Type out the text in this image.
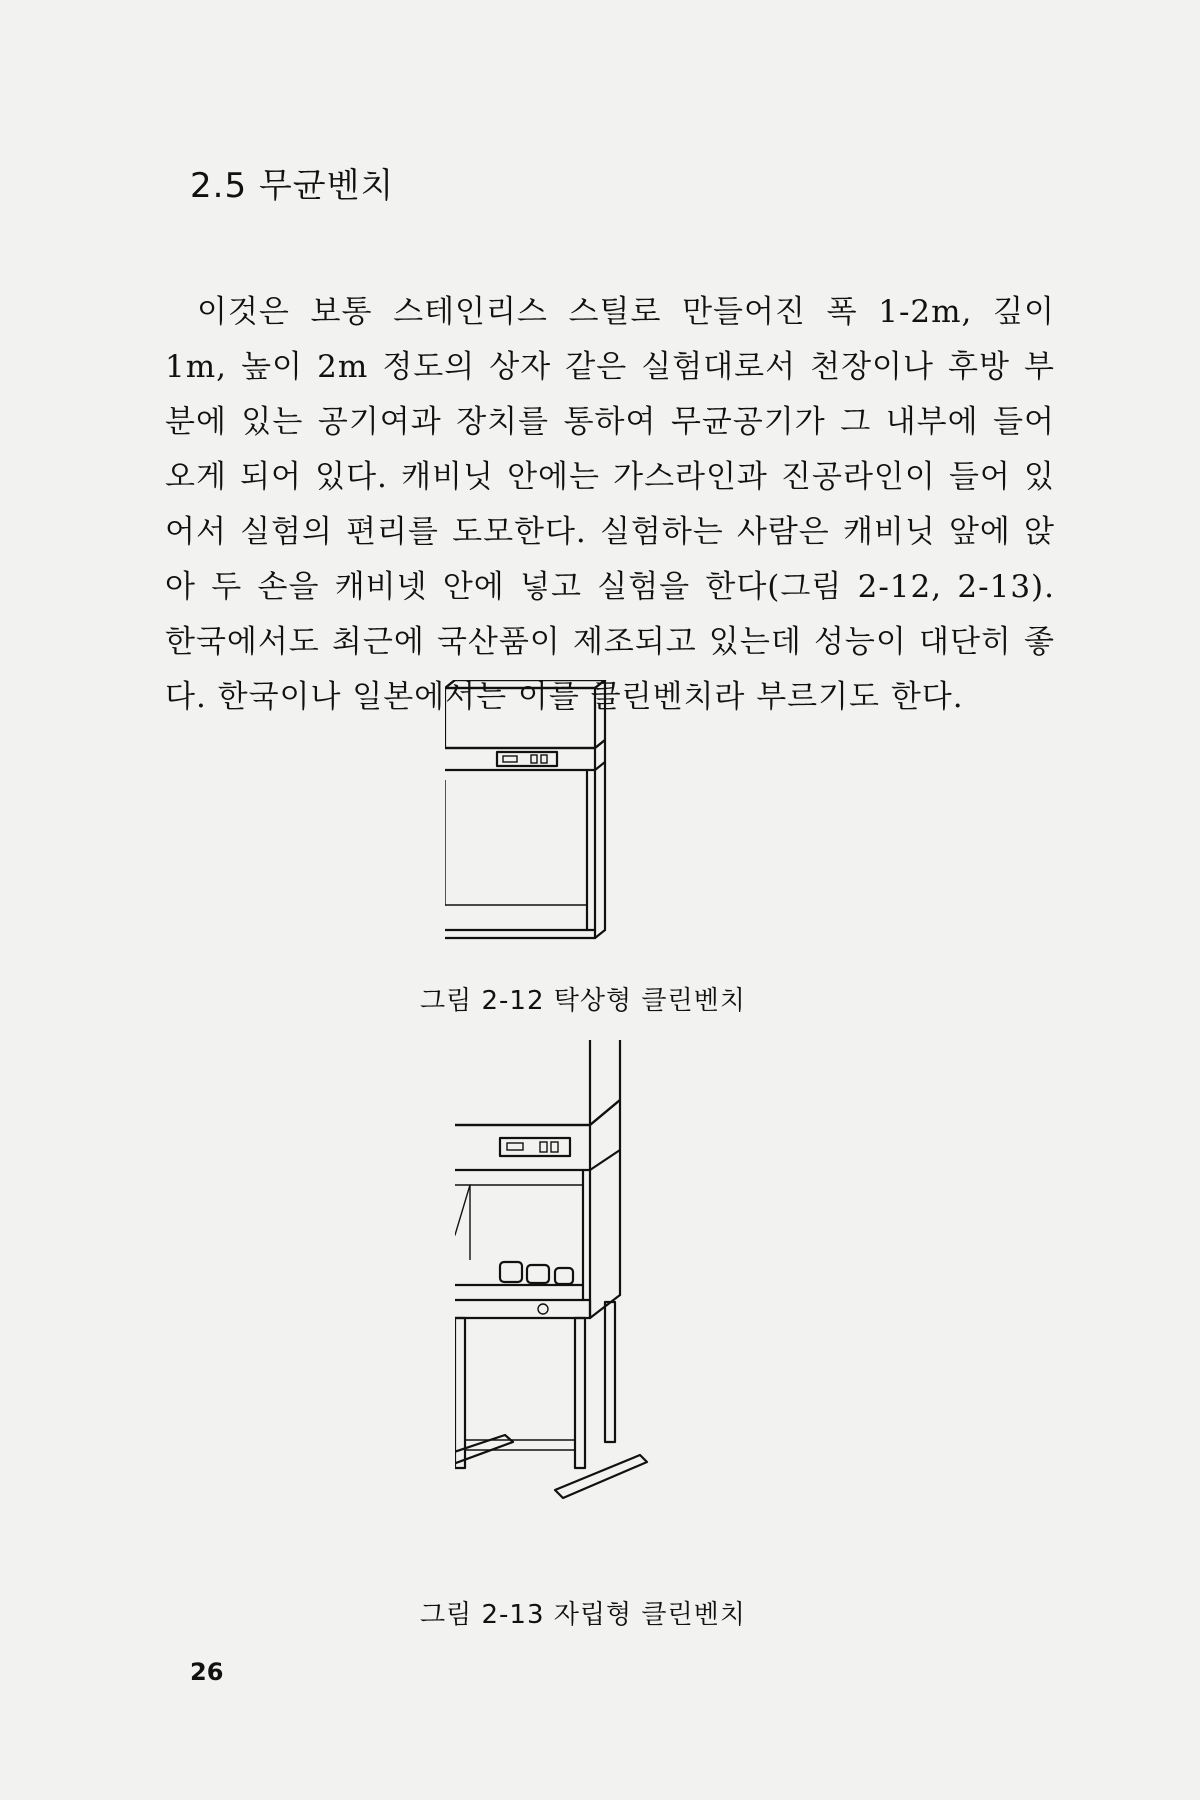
2.5 무균벤치

이것은 보통 스테인리스 스틸로 만들어진 폭 1-2m, 깊이 1m, 높이 2m 정도의 상자 같은 실험대로서 천장이나 후방 부분에 있는 공기여과 장치를 통하여 무균공기가 그 내부에 들어오게 되어 있다. 캐비닛 안에는 가스라인과 진공라인이 들어 있어서 실험의 편리를 도모한다. 실험하는 사람은 캐비닛 앞에 앉아 두 손을 캐비넷 안에 넣고 실험을 한다(그림 2-12, 2-13). 한국에서도 최근에 국산품이 제조되고 있는데 성능이 대단히 좋다. 한국이나 일본에서는 이를 클린벤치라 부르기도 한다.

그림 2-12 탁상형 클린벤치
그림 2-13 자립형 클린벤치
26
